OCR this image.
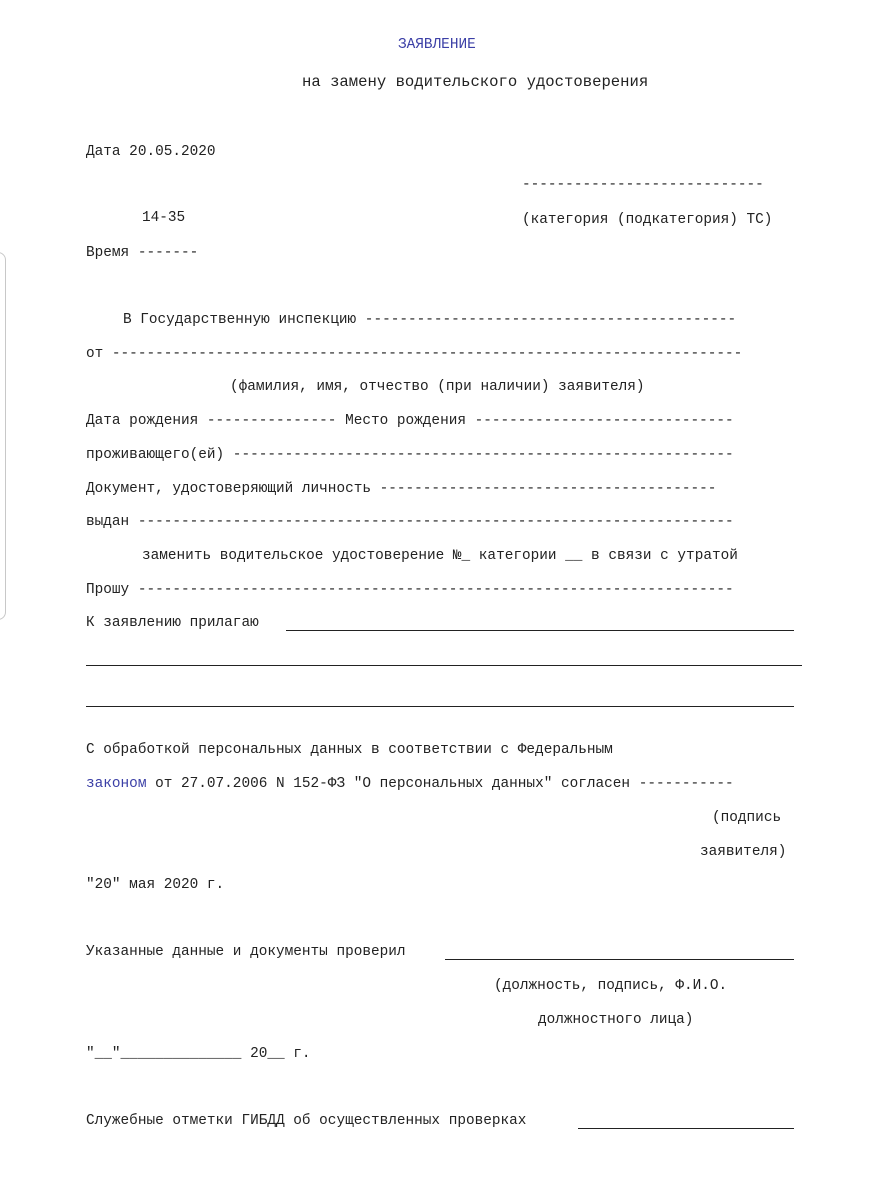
ЗАЯВЛЕНИЕ
на замену водительского удостоверения
Дата 20.05.2020
----------------------------
14-35	(категория (подкатегория) ТС)
Время -------
В Государственную инспекцию -------------------------------------------
от -------------------------------------------------------------------------
(фамилия, имя, отчество (при наличии) заявителя)
Дата рождения --------------- Место рождения ------------------------------
проживающего(ей) ----------------------------------------------------------
Документ, удостоверяющий личность ---------------------------------------
выдан ---------------------------------------------------------------------
заменить водительское удостоверение №_ категории __ в связи с утратой
Прошу ---------------------------------------------------------------------
К заявлению прилагаю
С обработкой персональных данных в соответствии с Федеральным
законом от 27.07.2006 N 152-ФЗ "О персональных данных" согласен -----------
(подпись
заявителя)
"20" мая 2020 г.
Указанные данные и документы проверил
(должность, подпись, Ф.И.О.
должностного лица)
"__"______________ 20__ г.
Служебные отметки ГИБДД об осуществленных проверках
